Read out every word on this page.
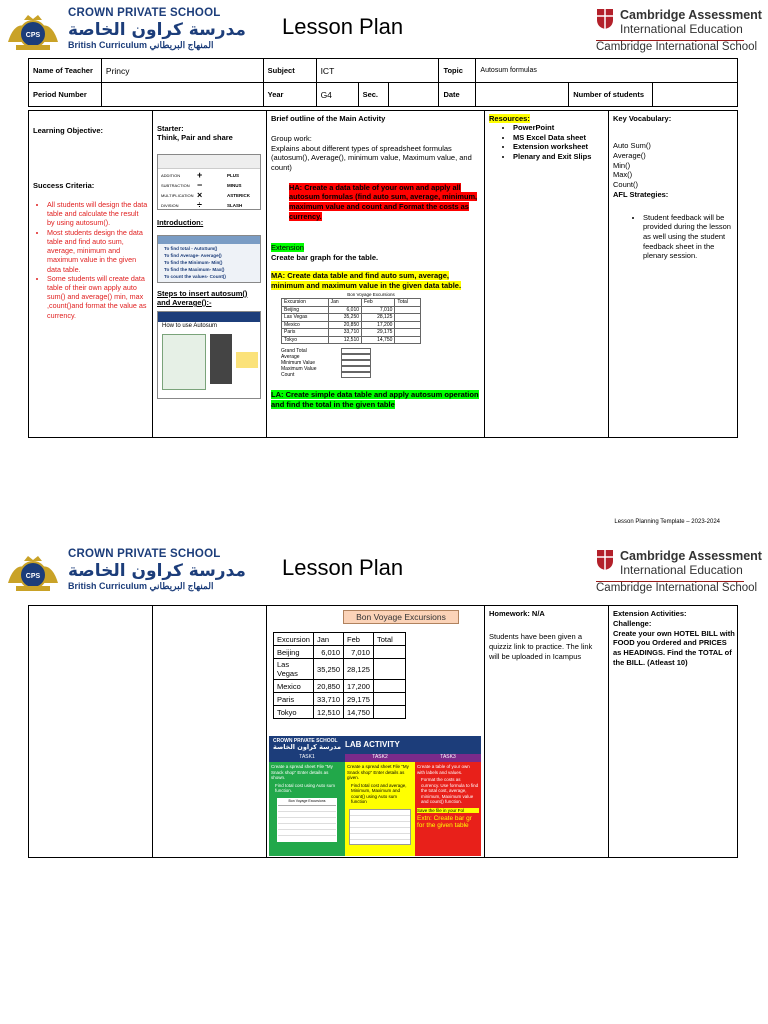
CPS
CROWN PRIVATE SCHOOL
مدرسة كراون الخاصة
British Curriculum المنهاج البريطاني
Lesson Plan	Cambridge Assessment
International Education
Cambridge International School
Name of Teacher	Princy	Subject	ICT	Topic	Autosum formulas		
Period Number		Year	G4 Sec.	Date		Number of students	
Learning Objective:
Success Criteria:
• All students will design the data table and calculate the result by using autosum().
• Most students design the data table and find auto sum, average, minimum and maximum value in the given data table.
• Some students will create data table of their own apply auto sum() and average() min, max ,count()and format the value as currency.
Starter:
Think, Pair and share
ADDITION	+	PLUS
SUBTRACTION −	MINUS
MULTIPLICATION ×	ASTERICK
DIVISION	÷	SLASH
Introduction:
To find total - AutoSum()
To find Average- Average()
To find the Minimum- Min()
To find the Maximum- Max()
To count the values- Count()
Steps to insert autosum() and Average():-
How to use Autosum
Brief outline of the Main Activity
Group work:
Explains about different types of spreadsheet formulas (autosum(), Average(), minimum value, Maximum value, and count)
HA: Create a data table of your own and apply all autosum formulas (find auto sum, average, minimum, maximum value and count and Format the costs as currency.
Extension
Create bar graph for the table.
MA: Create data table and find auto sum, average, minimum and maximum value in the given data table.
Bon Voyage Excursions
Excursion	Jan	Feb	Total
Beijing	6,010	7,010	
Las Vegas	35,250	28,125	
Mexico	20,850	17,200	
Paris	33,710	29,175	
Tokyo	12,510	14,750	
Grand Total
Average
Minimum Value
Maximum Value
Count
LA: Create simple data table and apply autosum operation and find the total in the given table
Resources:
• PowerPoint
• MS Excel Data sheet
• Extension worksheet
• Plenary and Exit Slips
Key Vocabulary:
Auto Sum()
Average()
Min()
Max()
Count()
AFL Strategies:
• Student feedback will be provided during the lesson as well using the student feedback sheet in the plenary session.
Lesson Planning Template – 2023-2024
CPS
CROWN PRIVATE SCHOOL
مدرسة كراون الخاصة
British Curriculum المنهاج البريطاني
Lesson Plan	Cambridge Assessment
International Education
Cambridge International School
Bon Voyage Excursions
Excursion	Jan	Feb	Total
Beijing	6,010	7,010	
Las Vegas	35,250	28,125	
Mexico	20,850	17,200	
Paris	33,710	29,175	
Tokyo	12,510	14,750	
CROWN PRIVATE SCHOOL
مدرسة كراون الخاصة LAB ACTIVITY
TASK1	TASK2	TASK3
Create a spread sheet File "My Snack shop" Enter details as shown.
Find total cost using Auto sum function.
Bon Voyage Excursions
Create a spread sheet File "My Snack shop" Enter details as given.
Find total cost and average, Minimum, Maximum and count() using Auto sum function
Create a table of your own with labels and values.
Format the costs as currency. Use formula to find the total cost, average, minimum, Maximum value and count() function.
Save the file in your Fol
Extn: Create bar gr for the given table
Homework: N/A
Students have been given a quizziz link to practice. The link will be uploaded in Icampus
Extension Activities:
Challenge:
Create your own HOTEL BILL with FOOD you Ordered and PRICES as HEADINGS. Find the TOTAL of the BILL. (Atleast 10)
